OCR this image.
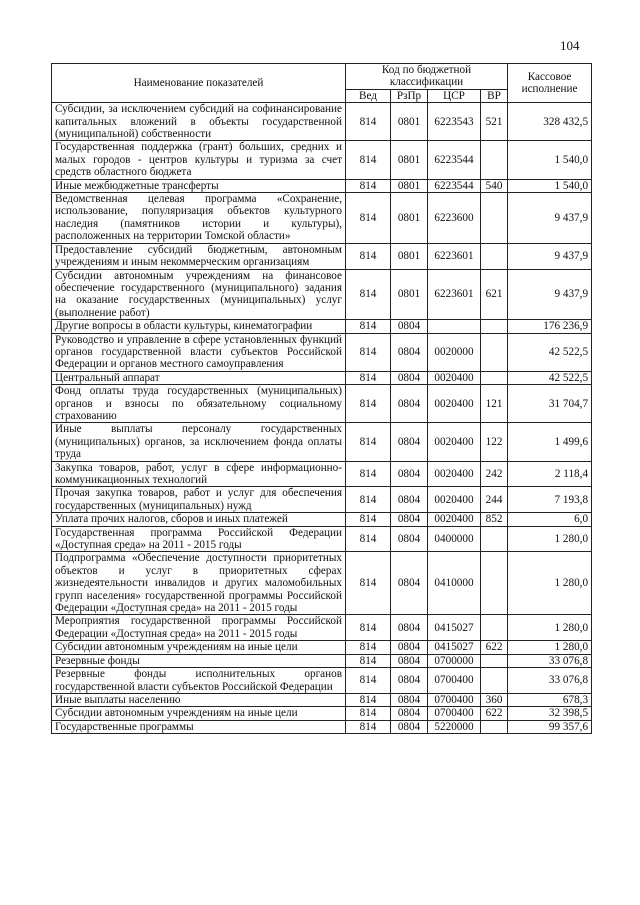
104
Наименование показателей	Код по бюджетной классификации				Кассовое исполнение
	Вед	РзПр	ЦСР	ВР	
Субсидии, за исключением субсидий на софинансирование капитальных вложений в объекты государственной (муниципальной) собственности	814	0801	6223543	521	328 432,5
Государственная поддержка (грант) больших, средних и малых городов - центров культуры и туризма за счет средств областного бюджета	814	0801	6223544		1 540,0
Иные межбюджетные трансферты	814	0801	6223544	540	1 540,0
Ведомственная целевая программа «Сохранение, использование, популяризация объектов культурного наследия (памятников истории и культуры), расположенных на территории Томской области»	814	0801	6223600		9 437,9
Предоставление субсидий бюджетным, автономным учреждениям и иным некоммерческим организациям	814	0801	6223601		9 437,9
Субсидии автономным учреждениям на финансовое обеспечение государственного (муниципального) задания на оказание государственных (муниципальных) услуг (выполнение работ)	814	0801	6223601	621	9 437,9
Другие вопросы в области культуры, кинематографии	814	0804			176 236,9
Руководство и управление в сфере установленных функций органов государственной власти субъектов Российской Федерации и органов местного самоуправления	814	0804	0020000		42 522,5
Центральный аппарат	814	0804	0020400		42 522,5
Фонд оплаты труда государственных (муниципальных) органов и взносы по обязательному социальному страхованию	814	0804	0020400	121	31 704,7
Иные выплаты персоналу государственных (муниципальных) органов, за исключением фонда оплаты труда	814	0804	0020400	122	1 499,6
Закупка товаров, работ, услуг в сфере информационно-коммуникационных технологий	814	0804	0020400	242	2 118,4
Прочая закупка товаров, работ и услуг для обеспечения государственных (муниципальных) нужд	814	0804	0020400	244	7 193,8
Уплата прочих налогов, сборов и иных платежей	814	0804	0020400	852	6,0
Государственная программа Российской Федерации «Доступная среда» на 2011 - 2015 годы	814	0804	0400000		1 280,0
Подпрограмма «Обеспечение доступности приоритетных объектов и услуг в приоритетных сферах жизнедеятельности инвалидов и других маломобильных групп населения» государственной программы Российской Федерации «Доступная среда» на 2011 - 2015 годы	814	0804	0410000		1 280,0
Мероприятия государственной программы Российской Федерации «Доступная среда» на 2011 - 2015 годы	814	0804	0415027		1 280,0
Субсидии автономным учреждениям на иные цели	814	0804	0415027	622	1 280,0
Резервные фонды	814	0804	0700000		33 076,8
Резервные фонды исполнительных органов государственной власти субъектов Российской Федерации	814	0804	0700400		33 076,8
Иные выплаты населению	814	0804	0700400	360	678,3
Субсидии автономным учреждениям на иные цели	814	0804	0700400	622	32 398,5
Государственные программы	814	0804	5220000		99 357,6
